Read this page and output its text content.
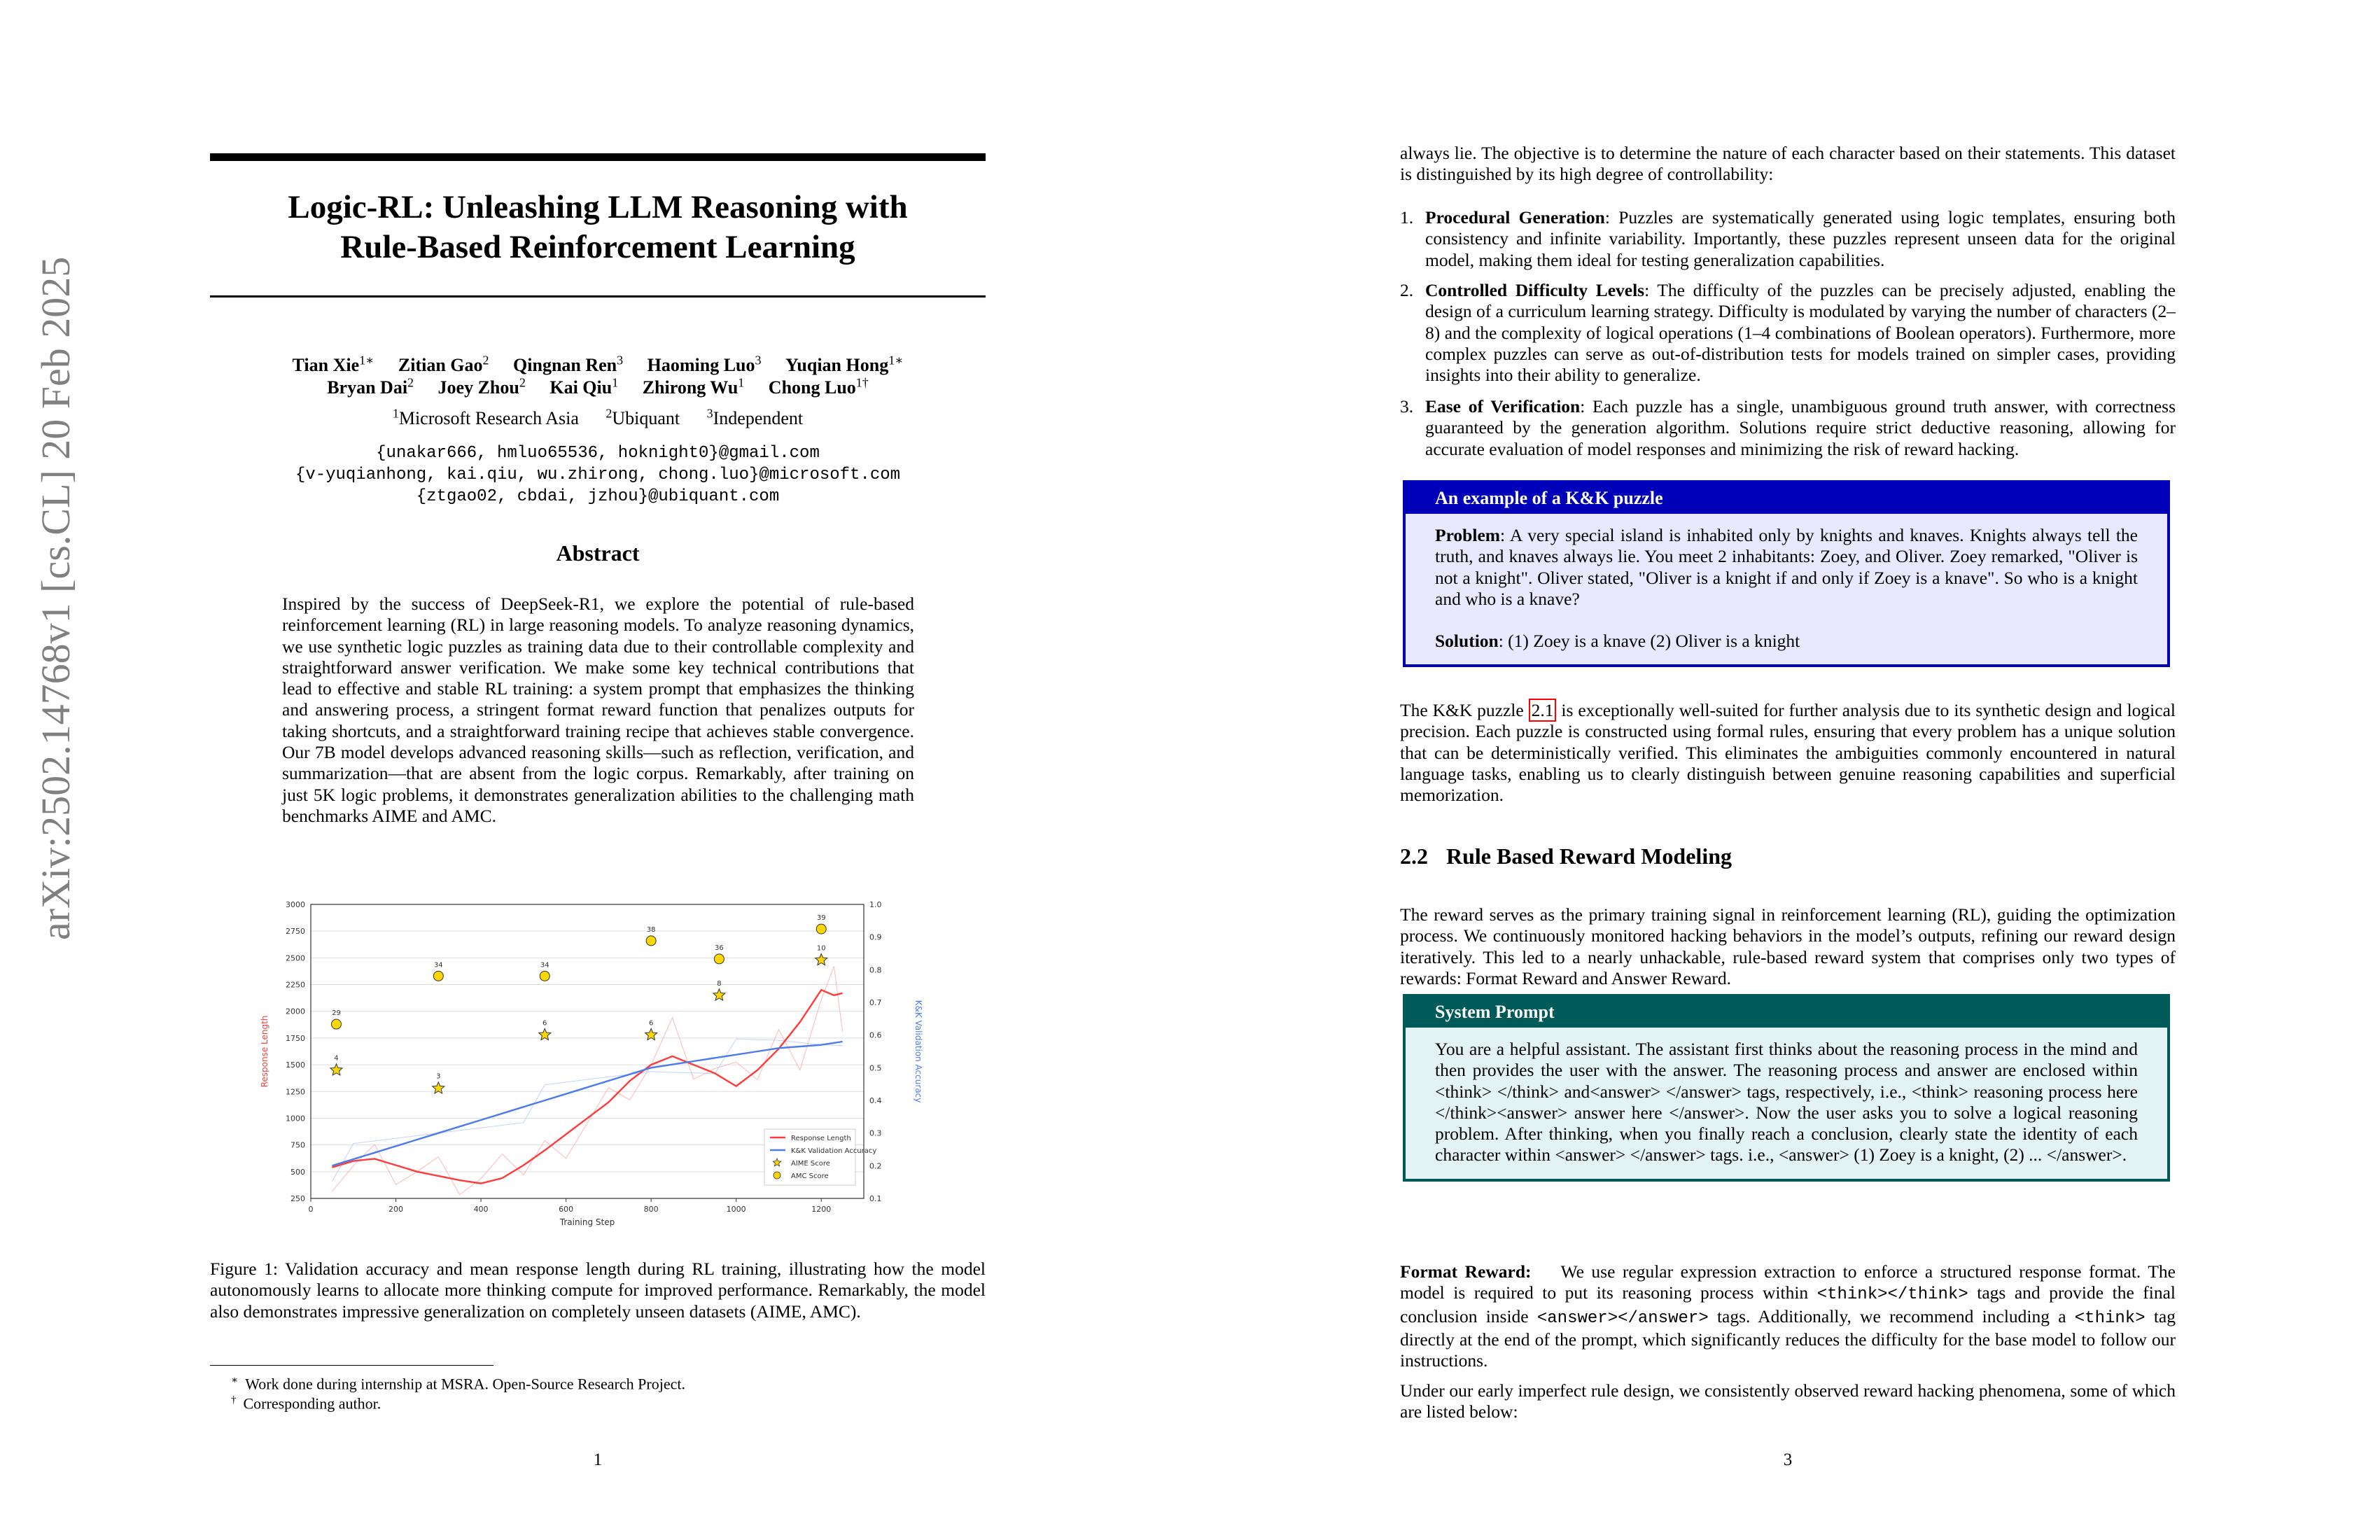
arXiv:2502.14768v1 [cs.CL] 20 Feb 2025
Logic-RL: Unleashing LLM Reasoning with
Rule-Based Reinforcement Learning
Tian Xie$^{1∗}$ Zitian Gao$^2$ Qingnan Ren$^3$ Haoming Luo$^3$ Yuqian Hong$^{1∗}$
Bryan Dai$^2$ Joey Zhou$^2$ Kai Qiu$^1$ Zhirong Wu$^1$ Chong Luo$^{1\dagger}$
$^1$Microsoft Research Asia $^2$Ubiquant $^3$Independent
{unakar666, hmluo65536, hoknight0}@gmail.com
{v-yuqianhong, kai.qiu, wu.zhirong, chong.luo}@microsoft.com
{ztgao02, cbdai, jzhou}@ubiquant.com
Abstract
Inspired by the success of DeepSeek-R1, we explore the potential of rule-based reinforcement learning (RL) in large reasoning models. To analyze reasoning dynamics, we use synthetic logic puzzles as training data due to their controllable complexity and straightforward answer verification. We make some key technical contributions that lead to effective and stable RL training: a system prompt that emphasizes the thinking and answering process, a stringent format reward function that penalizes outputs for taking shortcuts, and a straightforward training recipe that achieves stable convergence. Our 7B model develops advanced reasoning skills—such as reflection, verification, and summarization—that are absent from the logic corpus. Remarkably, after training on just 5K logic problems, it demonstrates generalization abilities to the challenging math benchmarks AIME and AMC.
250
500
750
1000
1250
1500
1750
2000
2250
2500
2750
3000
0.1
0.2
0.3
0.4
0.5
0.6
0.7
0.8
0.9
1.0
0	200	400	600	800	1000	1200
4
3
6	6
8
10
29
34	34
38
36
39
Training Step
Response Length	K&K Validation Accuracy
Response Length
K&K Validation Accuracy
AIME Score
AMC Score
Figure 1: Validation accuracy and mean response length during RL training, illustrating how the model autonomously learns to allocate more thinking compute for improved performance. Remarkably, the model also demonstrates impressive generalization on completely unseen datasets (AIME, AMC).
∗ Work done during internship at MSRA. Open-Source Research Project.
† Corresponding author.
1
always lie. The objective is to determine the nature of each character based on their statements. This dataset is distinguished by its high degree of controllability:
1. Procedural Generation: Puzzles are systematically generated using logic templates, ensuring both consistency and infinite variability. Importantly, these puzzles represent unseen data for the original model, making them ideal for testing generalization capabilities.
2. Controlled Difficulty Levels: The difficulty of the puzzles can be precisely adjusted, enabling the design of a curriculum learning strategy. Difficulty is modulated by varying the number of characters (2–8) and the complexity of logical operations (1–4 combinations of Boolean operators). Furthermore, more complex puzzles can serve as out-of-distribution tests for models trained on simpler cases, providing insights into their ability to generalize.
3. Ease of Verification: Each puzzle has a single, unambiguous ground truth answer, with correctness guaranteed by the generation algorithm. Solutions require strict deductive reasoning, allowing for accurate evaluation of model responses and minimizing the risk of reward hacking.
An example of a K&K puzzle
Problem: A very special island is inhabited only by knights and knaves. Knights always tell the truth, and knaves always lie. You meet 2 inhabitants: Zoey, and Oliver. Zoey remarked, "Oliver is not a knight". Oliver stated, "Oliver is a knight if and only if Zoey is a knave". So who is a knight and who is a knave?
Solution: (1) Zoey is a knave (2) Oliver is a knight
The K&K puzzle 2.1 is exceptionally well-suited for further analysis due to its synthetic design and logical precision. Each puzzle is constructed using formal rules, ensuring that every problem has a unique solution that can be deterministically verified. This eliminates the ambiguities commonly encountered in natural language tasks, enabling us to clearly distinguish between genuine reasoning capabilities and superficial memorization.
2.2 Rule Based Reward Modeling
The reward serves as the primary training signal in reinforcement learning (RL), guiding the optimization process. We continuously monitored hacking behaviors in the model’s outputs, refining our reward design iteratively. This led to a nearly unhackable, rule-based reward system that comprises only two types of rewards: Format Reward and Answer Reward.
System Prompt
You are a helpful assistant. The assistant first thinks about the reasoning process in the mind and then provides the user with the answer. The reasoning process and answer are enclosed within <think> </think> and<answer> </answer> tags, respectively, i.e., <think> reasoning process here </think><answer> answer here </answer>. Now the user asks you to solve a logical reasoning problem. After thinking, when you finally reach a conclusion, clearly state the identity of each character within <answer> </answer> tags. i.e., <answer> (1) Zoey is a knight, (2) ... </answer>.
Format Reward: We use regular expression extraction to enforce a structured response format. The model is required to put its reasoning process within <think></think> tags and provide the final conclusion inside <answer></answer> tags. Additionally, we recommend including a <think> tag directly at the end of the prompt, which significantly reduces the difficulty for the base model to follow our instructions.
Under our early imperfect rule design, we consistently observed reward hacking phenomena, some of which are listed below:
3
